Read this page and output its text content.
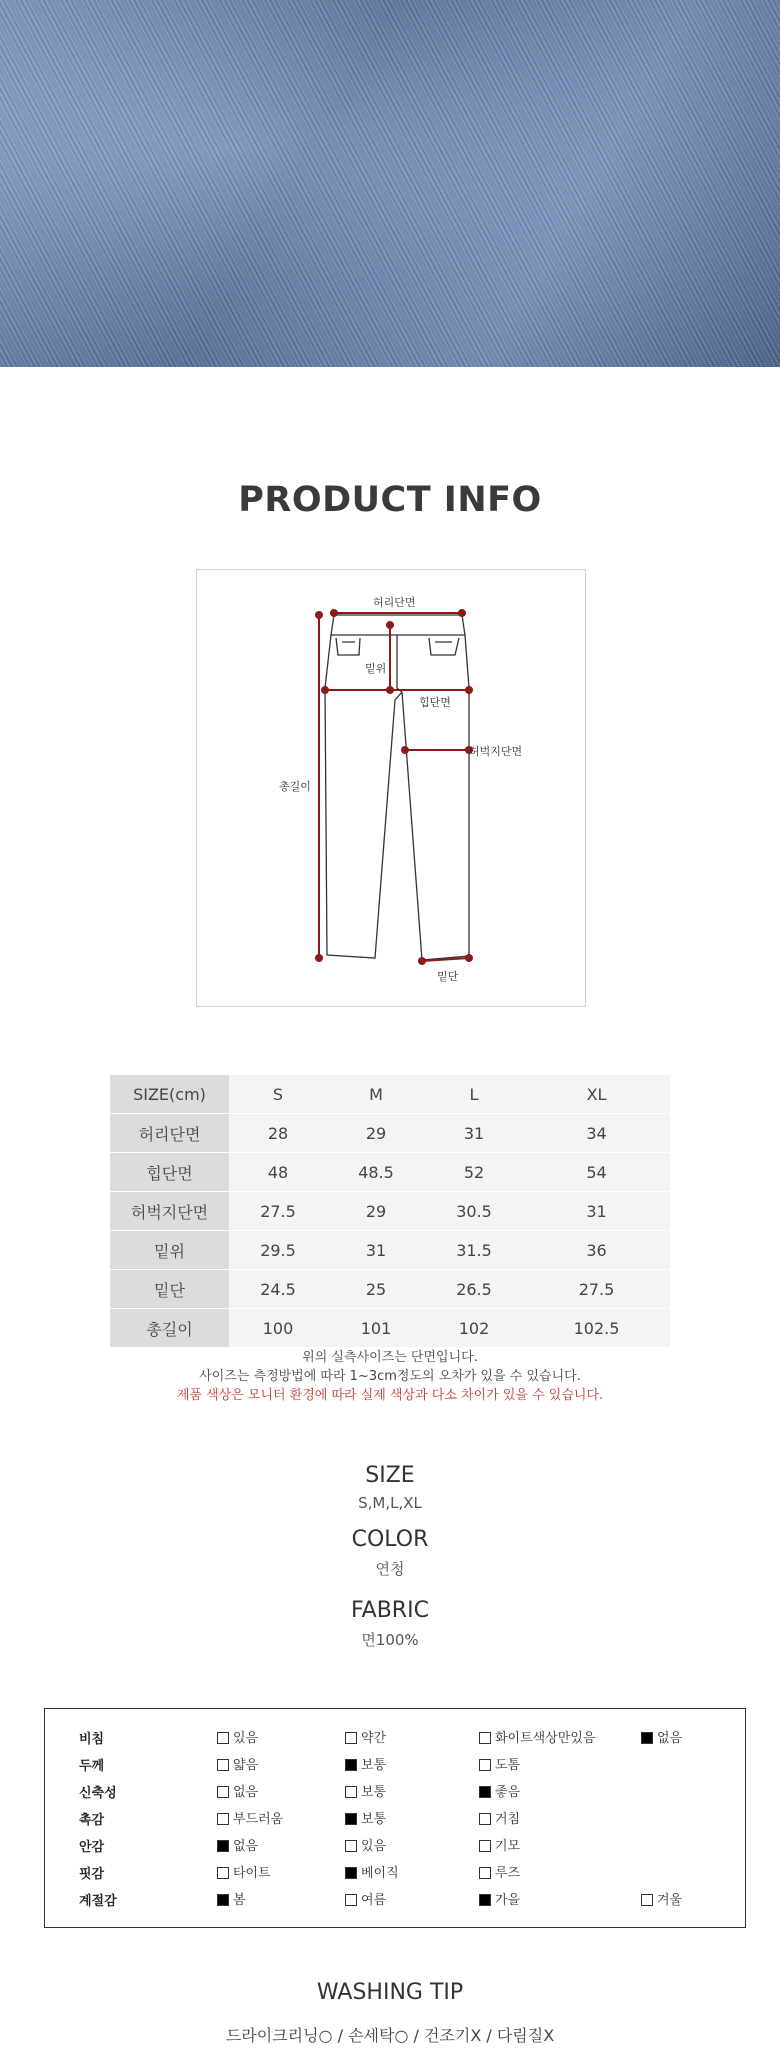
PRODUCT INFO
허리단면
밑위
힙단면
허벅지단면
총길이
밑단
SIZE(cm)	S	M	L	XL
허리단면	28	29	31	34
힙단면	48	48.5	52	54
허벅지단면	27.5	29	30.5	31
밑위	29.5	31	31.5	36
밑단	24.5	25	26.5	27.5
총길이	100	101	102	102.5
위의 실측사이즈는 단면입니다.
사이즈는 측정방법에 따라 1~3cm정도의 오차가 있을 수 있습니다.
제품 색상은 모니터 환경에 따라 실제 색상과 다소 차이가 있을 수 있습니다.
SIZE
S,M,L,XL
COLOR
연청
FABRIC
면100%
비침	있음	약간	화이트색상만있음	없음
두께	얇음	보통	도톰
신축성	없음	보통	좋음
촉감	부드러움	보통	거침
안감	없음	있음	기모
핏감	타이트	베이직	루즈
계절감	봄	여름	가을	겨울
WASHING TIP
드라이크리닝○ / 손세탁○ / 건조기X / 다림질X
